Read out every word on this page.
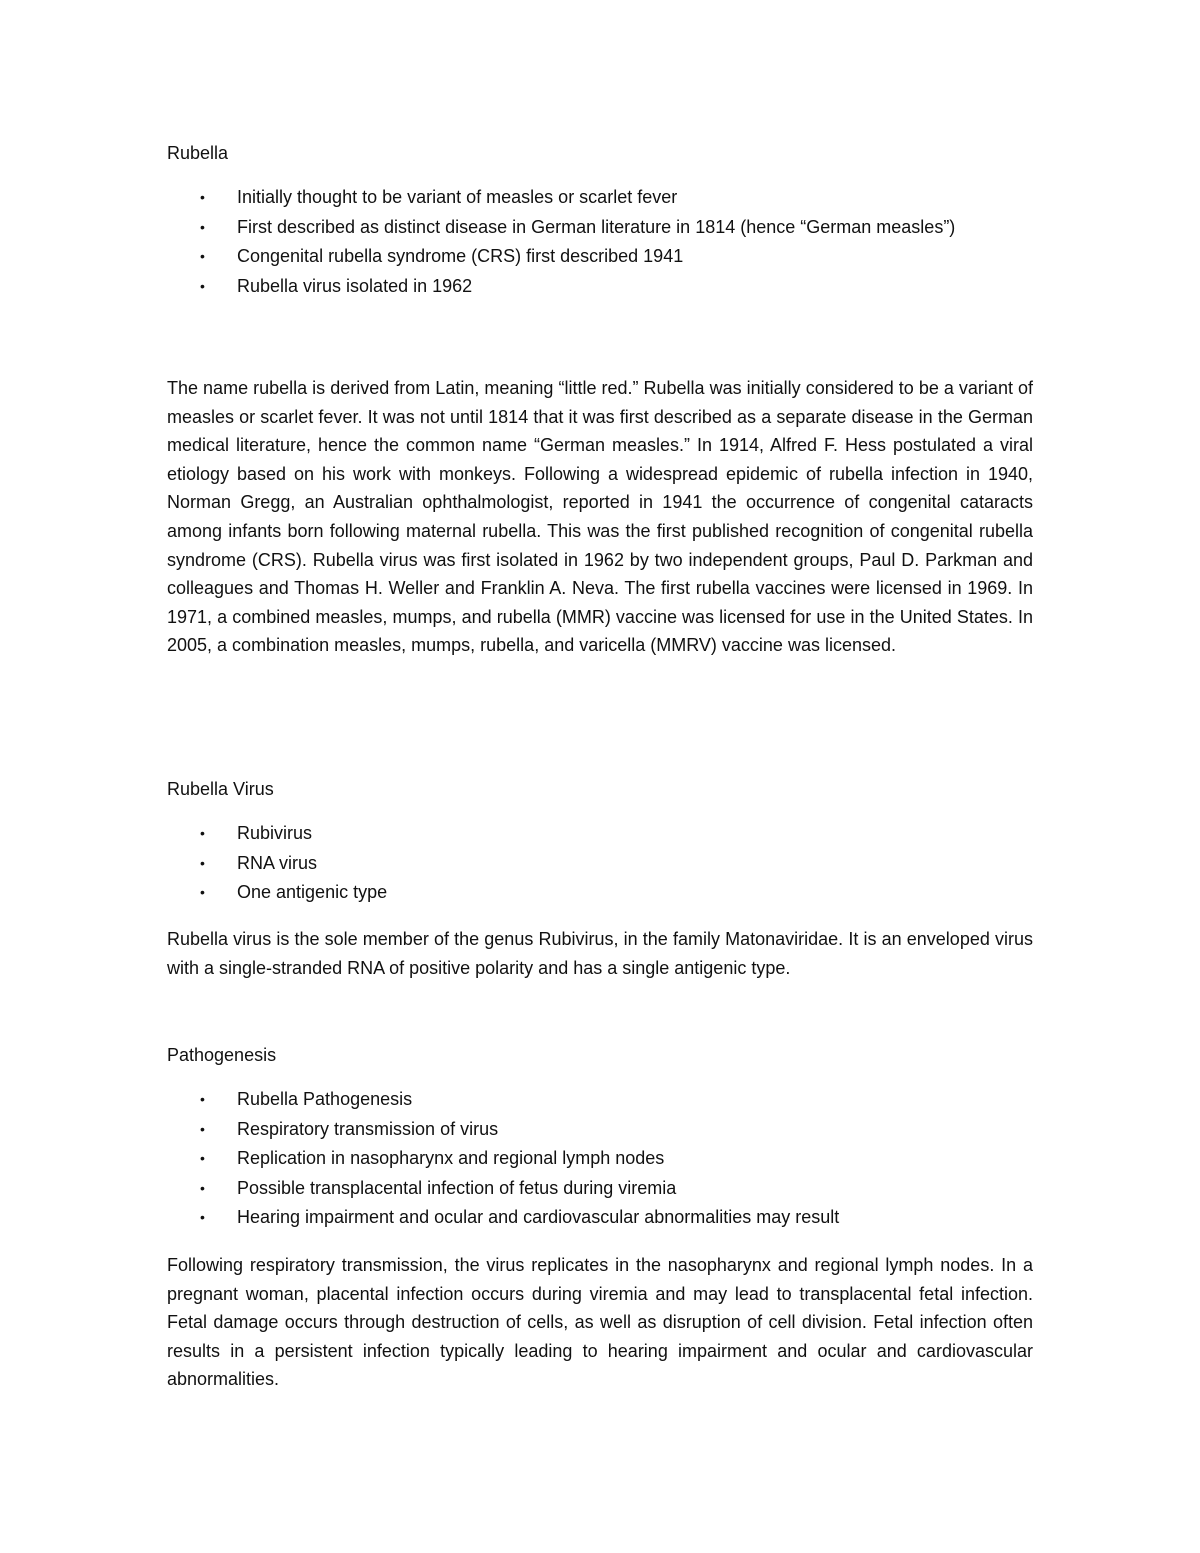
Rubella
• Initially thought to be variant of measles or scarlet fever
• First described as distinct disease in German literature in 1814 (hence “German measles”)
• Congenital rubella syndrome (CRS) first described 1941
• Rubella virus isolated in 1962

The name rubella is derived from Latin, meaning “little red.” Rubella was initially considered to be a variant of measles or scarlet fever. It was not until 1814 that it was first described as a separate disease in the German medical literature, hence the common name “German measles.” In 1914, Alfred F. Hess postulated a viral etiology based on his work with monkeys. Following a widespread epidemic of rubella infection in 1940, Norman Gregg, an Australian ophthalmologist, reported in 1941 the occurrence of congenital cataracts among infants born following maternal rubella. This was the first published recognition of congenital rubella syndrome (CRS). Rubella virus was first isolated in 1962 by two independent groups, Paul D. Parkman and colleagues and Thomas H. Weller and Franklin A. Neva. The first rubella vaccines were licensed in 1969. In 1971, a combined measles, mumps, and rubella (MMR) vaccine was licensed for use in the United States. In 2005, a combination measles, mumps, rubella, and varicella (MMRV) vaccine was licensed.

Rubella Virus
• Rubivirus
• RNA virus
• One antigenic type

Rubella virus is the sole member of the genus Rubivirus, in the family Matonaviridae. It is an enveloped virus with a single-stranded RNA of positive polarity and has a single antigenic type.

Pathogenesis
• Rubella Pathogenesis
• Respiratory transmission of virus
• Replication in nasopharynx and regional lymph nodes
• Possible transplacental infection of fetus during viremia
• Hearing impairment and ocular and cardiovascular abnormalities may result

Following respiratory transmission, the virus replicates in the nasopharynx and regional lymph nodes. In a pregnant woman, placental infection occurs during viremia and may lead to transplacental fetal infection. Fetal damage occurs through destruction of cells, as well as disruption of cell division. Fetal infection often results in a persistent infection typically leading to hearing impairment and ocular and cardiovascular abnormalities.
